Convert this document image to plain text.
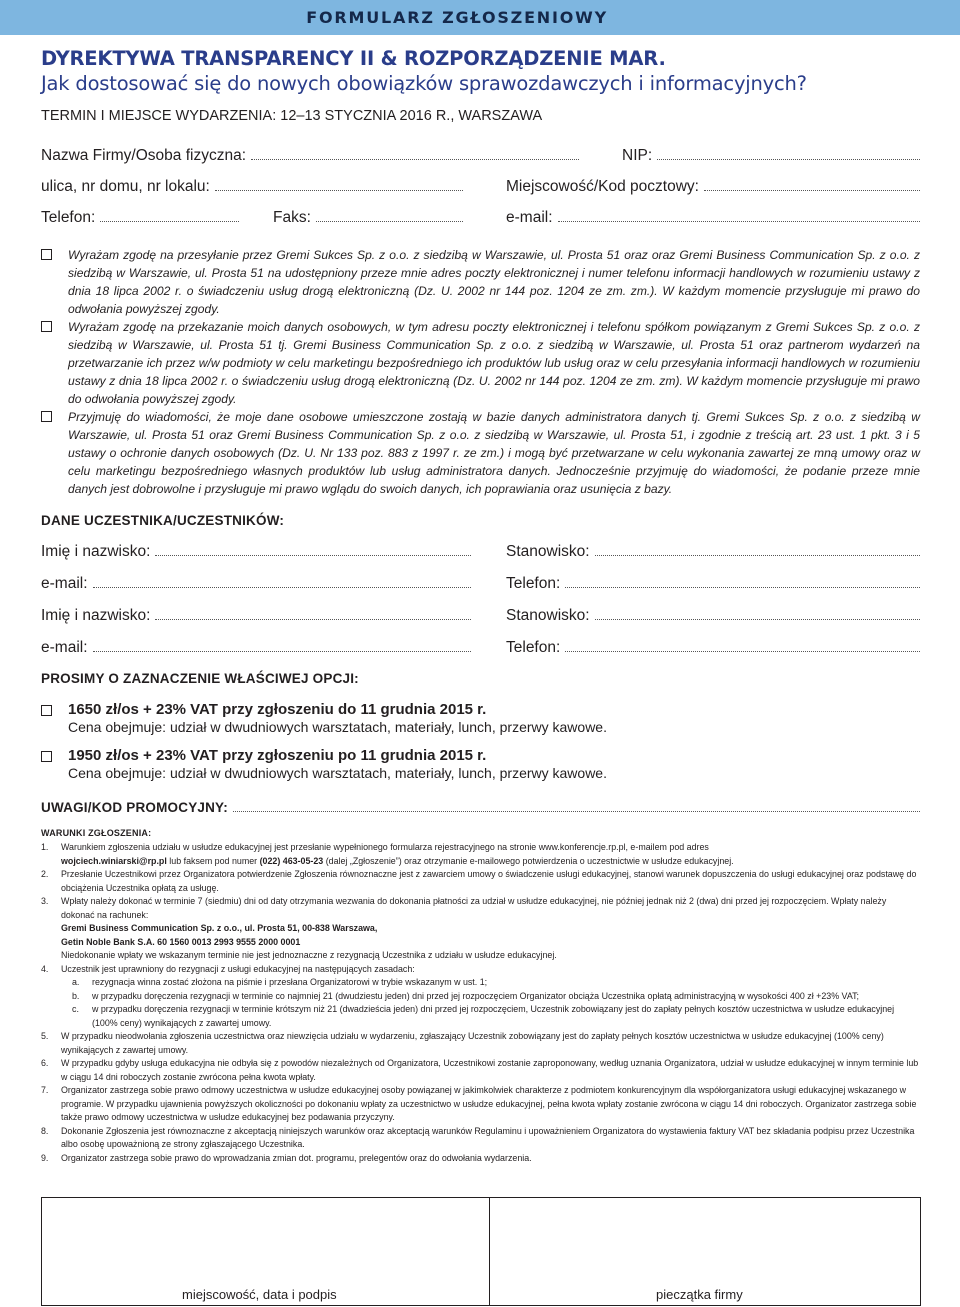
FORMULARZ ZGŁOSZENIOWY
DYREKTYWA TRANSPARENCY II & ROZPORZĄDZENIE MAR.
Jak dostosować się do nowych obowiązków sprawozdawczych i informacyjnych?
TERMIN I MIEJSCE WYDARZENIA: 12–13 STYCZNIA 2016 R., WARSZAWA
Nazwa Firmy/Osoba fizyczna:	NIP:
ulica, nr domu, nr lokalu:	Miejscowość/Kod pocztowy:
Telefon:	Faks:	e-mail:
Wyrażam zgodę na przesyłanie przez Gremi Sukces Sp. z o.o. z siedzibą w Warszawie, ul. Prosta 51 oraz oraz Gremi Business Communication Sp. z o.o. z siedzibą w Warszawie, ul. Prosta 51 na udostępniony przeze mnie adres poczty elektronicznej i numer telefonu informacji handlowych w rozumieniu ustawy z dnia 18 lipca 2002 r. o świadczeniu usług drogą elektroniczną (Dz. U. 2002 nr 144 poz. 1204 ze zm. zm.). W każdym momencie przysługuje mi prawo do odwołania powyższej zgody.
Wyrażam zgodę na przekazanie moich danych osobowych, w tym adresu poczty elektronicznej i telefonu spółkom powiązanym z Gremi Sukces Sp. z o.o. z siedzibą w Warszawie, ul. Prosta 51 tj. Gremi Business Communication Sp. z o.o. z siedzibą w Warszawie, ul. Prosta 51 oraz partnerom wydarzeń na przetwarzanie ich przez w/w podmioty w celu marketingu bezpośredniego ich produktów lub usług oraz w celu przesyłania informacji handlowych w rozumieniu ustawy z dnia 18 lipca 2002 r. o świadczeniu usług drogą elektroniczną (Dz. U. 2002 nr 144 poz. 1204 ze zm. zm). W każdym momencie przysługuje mi prawo do odwołania powyższej zgody.
Przyjmuję do wiadomości, że moje dane osobowe umieszczone zostają w bazie danych administratora danych tj. Gremi Sukces Sp. z o.o. z siedzibą w Warszawie, ul. Prosta 51 oraz Gremi Business Communication Sp. z o.o. z siedzibą w Warszawie, ul. Prosta 51, i zgodnie z treścią art. 23 ust. 1 pkt. 3 i 5 ustawy o ochronie danych osobowych (Dz. U. Nr 133 poz. 883 z 1997 r. ze zm.) i mogą być przetwarzane w celu wykonania zawartej ze mną umowy oraz w celu marketingu bezpośredniego własnych produktów lub usług administratora danych. Jednocześnie przyjmuję do wiadomości, że podanie przeze mnie danych jest dobrowolne i przysługuje mi prawo wglądu do swoich danych, ich poprawiania oraz usunięcia z bazy.
DANE UCZESTNIKA/UCZESTNIKÓW:
Imię i nazwisko:	Stanowisko:
e-mail:	Telefon:
Imię i nazwisko:	Stanowisko:
e-mail:	Telefon:
PROSIMY O ZAZNACZENIE WŁAŚCIWEJ OPCJI:
1650 zł/os + 23% VAT przy zgłoszeniu do 11 grudnia 2015 r.
Cena obejmuje: udział w dwudniowych warsztatach, materiały, lunch, przerwy kawowe.
1950 zł/os + 23% VAT przy zgłoszeniu po 11 grudnia 2015 r.
Cena obejmuje: udział w dwudniowych warsztatach, materiały, lunch, przerwy kawowe.
UWAGI/KOD PROMOCYJNY:
WARUNKI ZGŁOSZENIA:
1. Warunkiem zgłoszenia udziału w usłudze edukacyjnej jest przesłanie wypełnionego formularza rejestracyjnego na stronie www.konferencje.rp.pl, e-mailem pod adres
wojciech.winiarski@rp.pl lub faksem pod numer (022) 463-05-23 (dalej „Zgłoszenie”) oraz otrzymanie e-mailowego potwierdzenia o uczestnictwie w usłudze edukacyjnej.
2. Przesłanie Uczestnikowi przez Organizatora potwierdzenie Zgłoszenia równoznaczne jest z zawarciem umowy o świadczenie usługi edukacyjnej, stanowi warunek dopuszczenia do usługi edukacyjnej oraz podstawę do obciążenia Uczestnika opłatą za usługę.
3. Wpłaty należy dokonać w terminie 7 (siedmiu) dni od daty otrzymania wezwania do dokonania płatności za udział w usłudze edukacyjnej, nie później jednak niż 2 (dwa) dni przed jej rozpoczęciem. Wpłaty należy dokonać na rachunek:
Gremi Business Communication Sp. z o.o., ul. Prosta 51, 00-838 Warszawa,
Getin Noble Bank S.A. 60 1560 0013 2993 9555 2000 0001
Niedokonanie wpłaty we wskazanym terminie nie jest jednoznaczne z rezygnacją Uczestnika z udziału w usłudze edukacyjnej.
4. Uczestnik jest uprawniony do rezygnacji z usługi edukacyjnej na następujących zasadach:
a. rezygnacja winna zostać złożona na piśmie i przesłana Organizatorowi w trybie wskazanym w ust. 1;
b. w przypadku doręczenia rezygnacji w terminie co najmniej 21 (dwudziestu jeden) dni przed jej rozpoczęciem Organizator obciąża Uczestnika opłatą administracyjną w wysokości 400 zł +23% VAT;
c. w przypadku doręczenia rezygnacji w terminie krótszym niż 21 (dwadzieścia jeden) dni przed jej rozpoczęciem, Uczestnik zobowiązany jest do zapłaty pełnych kosztów uczestnictwa w usłudze edukacyjnej (100% ceny) wynikających z zawartej umowy.
5. W przypadku nieodwołania zgłoszenia uczestnictwa oraz niewzięcia udziału w wydarzeniu, zgłaszający Uczestnik zobowiązany jest do zapłaty pełnych kosztów uczestnictwa w usłudze edukacyjnej (100% ceny) wynikających z zawartej umowy.
6. W przypadku gdyby usługa edukacyjna nie odbyła się z powodów niezależnych od Organizatora, Uczestnikowi zostanie zaproponowany, według uznania Organizatora, udział w usłudze edukacyjnej w innym terminie lub w ciągu 14 dni roboczych zostanie zwrócona pełna kwota wpłaty.
7. Organizator zastrzega sobie prawo odmowy uczestnictwa w usłudze edukacyjnej osoby powiązanej w jakimkolwiek charakterze z podmiotem konkurencyjnym dla współorganizatora usługi edukacyjnej wskazanego w programie. W przypadku ujawnienia powyższych okoliczności po dokonaniu wpłaty za uczestnictwo w usłudze edukacyjnej, pełna kwota wpłaty zostanie zwrócona w ciągu 14 dni roboczych. Organizator zastrzega sobie także prawo odmowy uczestnictwa w usłudze edukacyjnej bez podawania przyczyny.
8. Dokonanie Zgłoszenia jest równoznaczne z akceptacją niniejszych warunków oraz akceptacją warunków Regulaminu i upoważnieniem Organizatora do wystawienia faktury VAT bez składania podpisu przez Uczestnika albo osobę upoważnioną ze strony zgłaszającego Uczestnika.
9. Organizator zastrzega sobie prawo do wprowadzania zmian dot. programu, prelegentów oraz do odwołania wydarzenia.
miejscowość, data i podpis	pieczątka firmy
